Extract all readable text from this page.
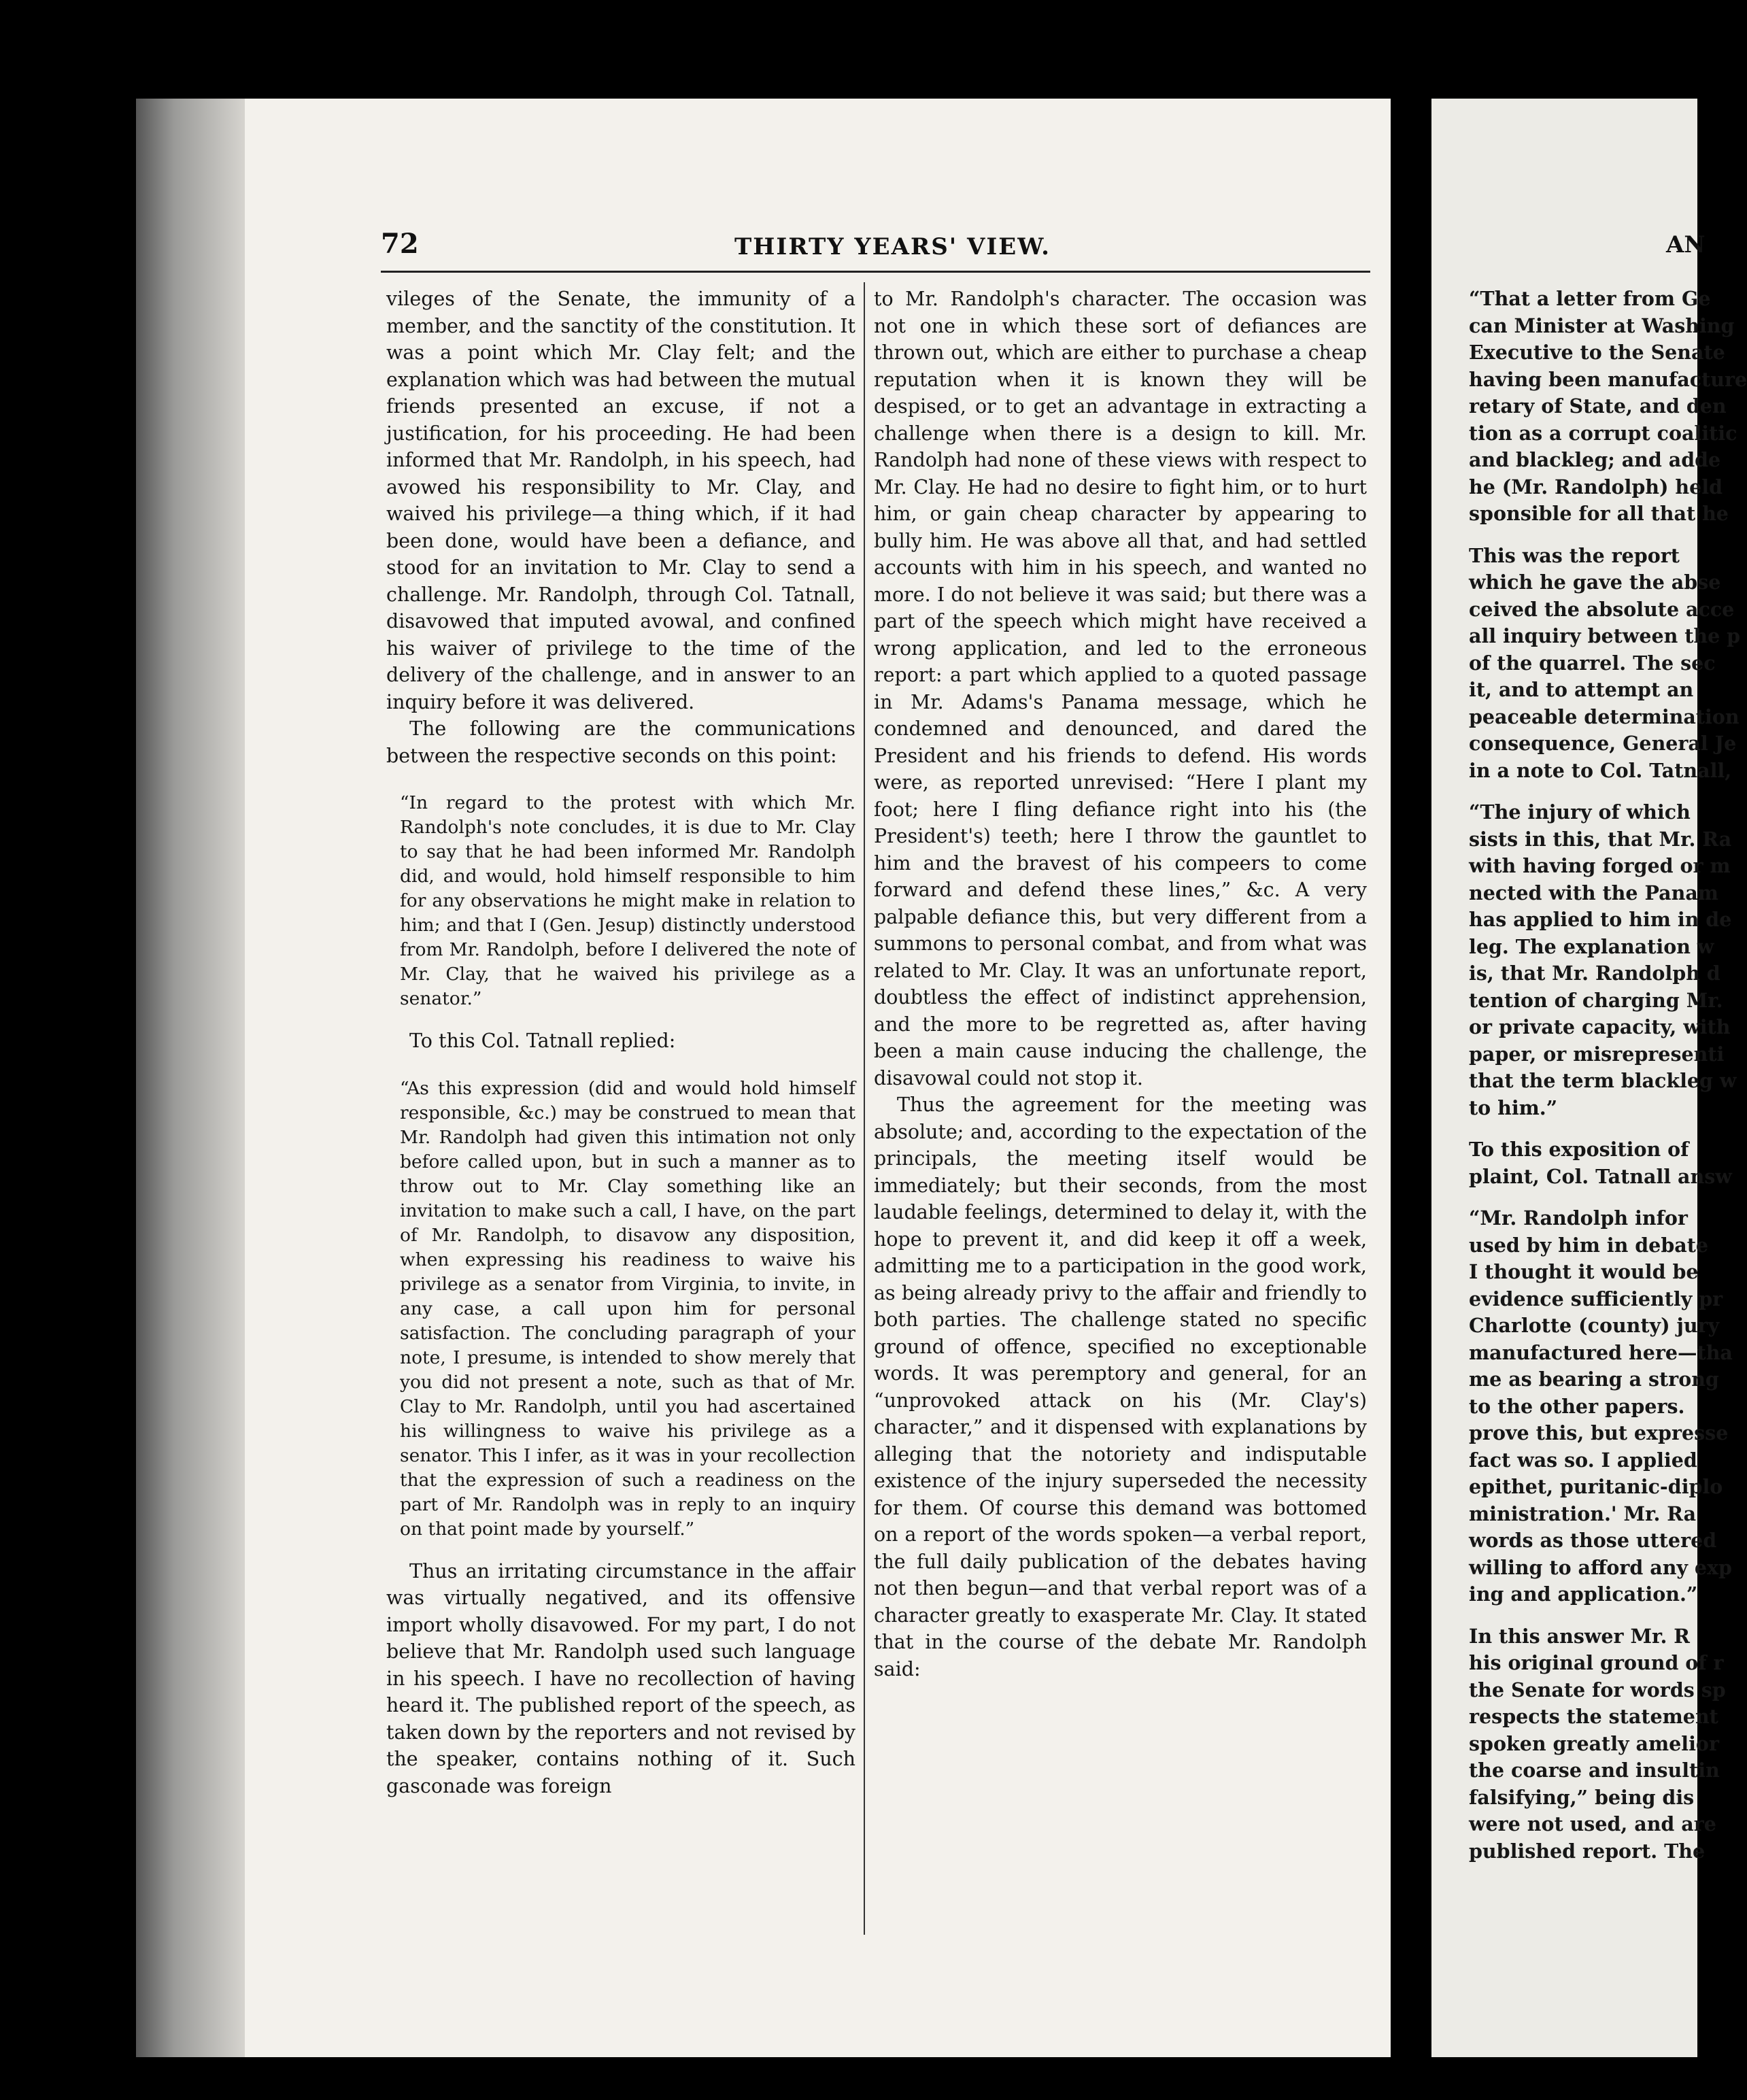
72	THIRTY YEARS' VIEW.	AN

vileges of the Senate, the immunity of a member, and the sanctity of the constitution. It was a point which Mr. Clay felt; and the explanation which was had between the mutual friends presented an excuse, if not a justification, for his proceeding. He had been informed that Mr. Randolph, in his speech, had avowed his responsibility to Mr. Clay, and waived his privilege—a thing which, if it had been done, would have been a defiance, and stood for an invitation to Mr. Clay to send a challenge. Mr. Randolph, through Col. Tatnall, disavowed that imputed avowal, and confined his waiver of privilege to the time of the delivery of the challenge, and in answer to an inquiry before it was delivered.

The following are the communications between the respective seconds on this point:

“In regard to the protest with which Mr. Randolph's note concludes, it is due to Mr. Clay to say that he had been informed Mr. Randolph did, and would, hold himself responsible to him for any observations he might make in relation to him; and that I (Gen. Jesup) distinctly understood from Mr. Randolph, before I delivered the note of Mr. Clay, that he waived his privilege as a senator.”

To this Col. Tatnall replied:

“As this expression (did and would hold himself responsible, &c.) may be construed to mean that Mr. Randolph had given this intimation not only before called upon, but in such a manner as to throw out to Mr. Clay something like an invitation to make such a call, I have, on the part of Mr. Randolph, to disavow any disposition, when expressing his readiness to waive his privilege as a senator from Virginia, to invite, in any case, a call upon him for personal satisfaction. The concluding paragraph of your note, I presume, is intended to show merely that you did not present a note, such as that of Mr. Clay to Mr. Randolph, until you had ascertained his willingness to waive his privilege as a senator. This I infer, as it was in your recollection that the expression of such a readiness on the part of Mr. Randolph was in reply to an inquiry on that point made by yourself.”

Thus an irritating circumstance in the affair was virtually negatived, and its offensive import wholly disavowed. For my part, I do not believe that Mr. Randolph used such language in his speech. I have no recollection of having heard it. The published report of the speech, as taken down by the reporters and not revised by the speaker, contains nothing of it. Such gasconade was foreign

to Mr. Randolph's character. The occasion was not one in which these sort of defiances are thrown out, which are either to purchase a cheap reputation when it is known they will be despised, or to get an advantage in extracting a challenge when there is a design to kill. Mr. Randolph had none of these views with respect to Mr. Clay. He had no desire to fight him, or to hurt him, or gain cheap character by appearing to bully him. He was above all that, and had settled accounts with him in his speech, and wanted no more. I do not believe it was said; but there was a part of the speech which might have received a wrong application, and led to the erroneous report: a part which applied to a quoted passage in Mr. Adams's Panama message, which he condemned and denounced, and dared the President and his friends to defend. His words were, as reported unrevised: “Here I plant my foot; here I fling defiance right into his (the President's) teeth; here I throw the gauntlet to him and the bravest of his compeers to come forward and defend these lines,” &c. A very palpable defiance this, but very different from a summons to personal combat, and from what was related to Mr. Clay. It was an unfortunate report, doubtless the effect of indistinct apprehension, and the more to be regretted as, after having been a main cause inducing the challenge, the disavowal could not stop it.

Thus the agreement for the meeting was absolute; and, according to the expectation of the principals, the meeting itself would be immediately; but their seconds, from the most laudable feelings, determined to delay it, with the hope to prevent it, and did keep it off a week, admitting me to a participation in the good work, as being already privy to the affair and friendly to both parties. The challenge stated no specific ground of offence, specified no exceptionable words. It was peremptory and general, for an “unprovoked attack on his (Mr. Clay's) character,” and it dispensed with explanations by alleging that the notoriety and indisputable existence of the injury superseded the necessity for them. Of course this demand was bottomed on a report of the words spoken—a verbal report, the full daily publication of the debates having not then begun—and that verbal report was of a character greatly to exasperate Mr. Clay. It stated that in the course of the debate Mr. Randolph said:

“That a letter from Ge
can Minister at Washing
Executive to the Senate
having been manufacture
retary of State, and den
tion as a corrupt coalitic
and blackleg; and adde
he (Mr. Randolph) held
sponsible for all that he

This was the report
which he gave the abse
ceived the absolute acce
all inquiry between the p
of the quarrel. The sec
it, and to attempt an
peaceable determination
consequence, General Je
in a note to Col. Tatnall,

“The injury of which
sists in this, that Mr. Ra
with having forged or m
nected with the Panam
has applied to him in de
leg. The explanation w
is, that Mr. Randolph d
tention of charging Mr.
or private capacity, with
paper, or misrepresenti
that the term blackleg w
to him.”

To this exposition of
plaint, Col. Tatnall answ

“Mr. Randolph infor
used by him in debate
I thought it would be
evidence sufficiently pr
Charlotte (county) jury
manufactured here—tha
me as bearing a strong
to the other papers.
prove this, but expresse
fact was so. I applied
epithet, puritanic-diplo
ministration.' Mr. Ra
words as those uttered
willing to afford any exp
ing and application.”

In this answer Mr. R
his original ground of r
the Senate for words sp
respects the statement
spoken greatly amelior
the coarse and insultin
falsifying,” being dis
were not used, and are
published report. The
